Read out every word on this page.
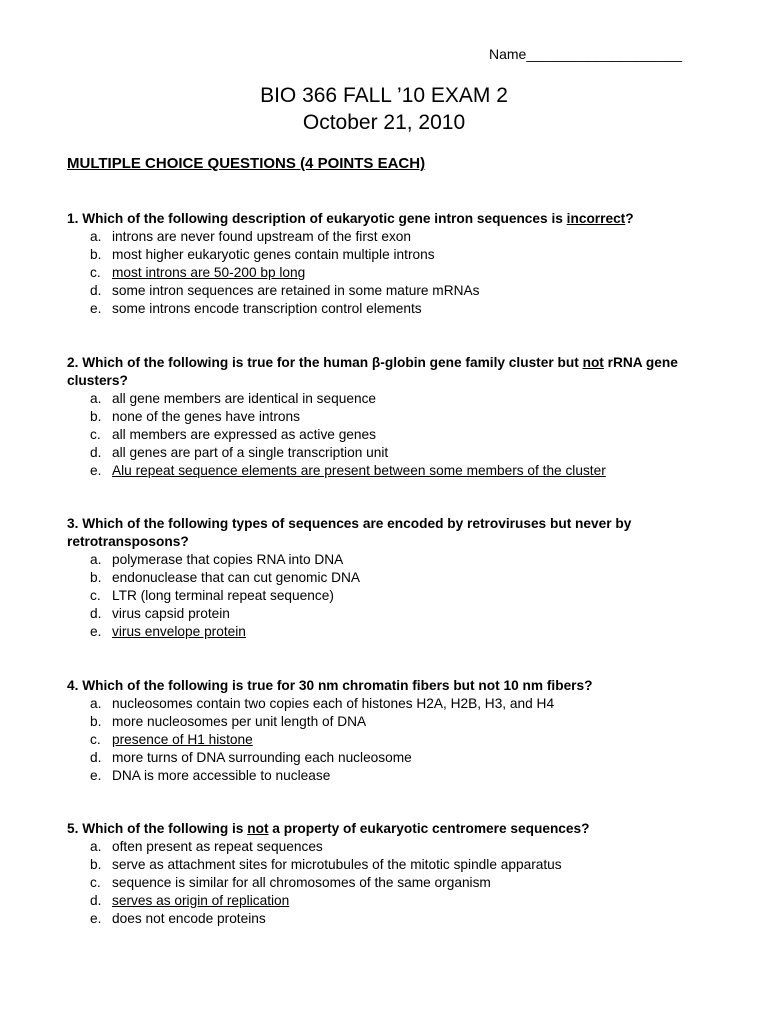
Name____________________
BIO 366 FALL ’10 EXAM 2
October 21, 2010
MULTIPLE CHOICE QUESTIONS (4 POINTS EACH)
1. Which of the following description of eukaryotic gene intron sequences is incorrect?
a. introns are never found upstream of the first exon
b. most higher eukaryotic genes contain multiple introns
c. most introns are 50-200 bp long
d. some intron sequences are retained in some mature mRNAs
e. some introns encode transcription control elements
2. Which of the following is true for the human β-globin gene family cluster but not rRNA gene clusters?
a. all gene members are identical in sequence
b. none of the genes have introns
c. all members are expressed as active genes
d. all genes are part of a single transcription unit
e. Alu repeat sequence elements are present between some members of the cluster
3. Which of the following types of sequences are encoded by retroviruses but never by retrotransposons?
a. polymerase that copies RNA into DNA
b. endonuclease that can cut genomic DNA
c. LTR (long terminal repeat sequence)
d. virus capsid protein
e. virus envelope protein
4. Which of the following is true for 30 nm chromatin fibers but not 10 nm fibers?
a. nucleosomes contain two copies each of histones H2A, H2B, H3, and H4
b. more nucleosomes per unit length of DNA
c. presence of H1 histone
d. more turns of DNA surrounding each nucleosome
e. DNA is more accessible to nuclease
5. Which of the following is not a property of eukaryotic centromere sequences?
a. often present as repeat sequences
b. serve as attachment sites for microtubules of the mitotic spindle apparatus
c. sequence is similar for all chromosomes of the same organism
d. serves as origin of replication
e. does not encode proteins
